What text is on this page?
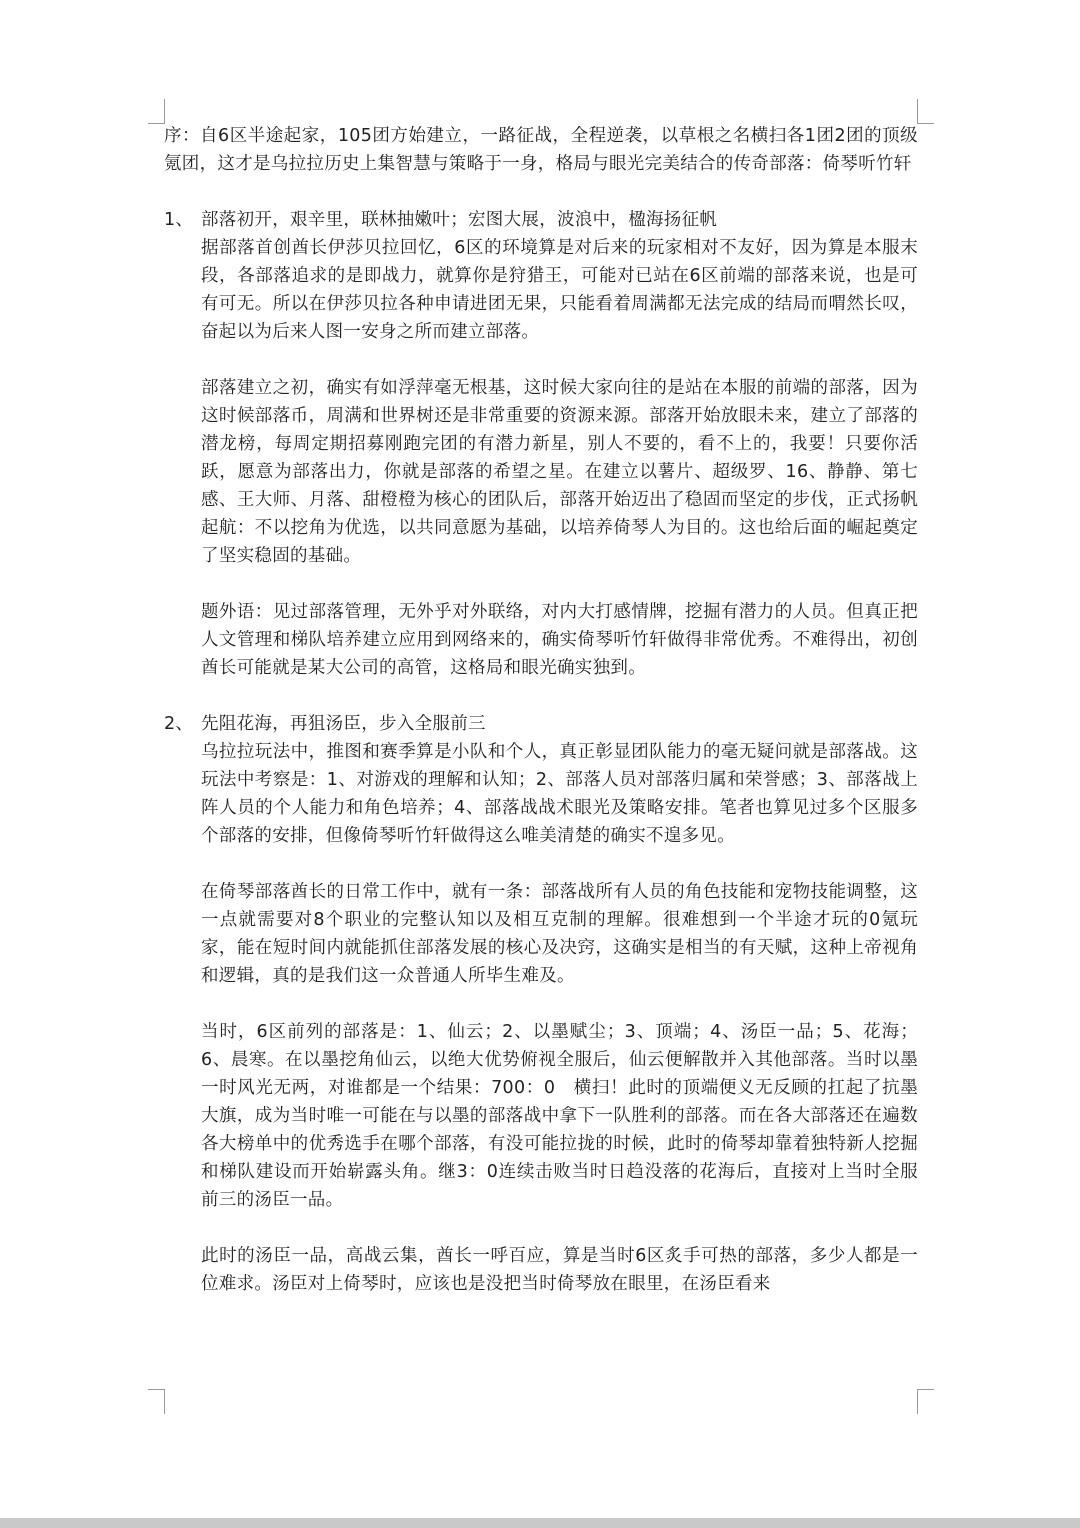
序：自6区半途起家，105团方始建立，一路征战，全程逆袭，以草根之名横扫各1团2团的顶级氪团，这才是乌拉拉历史上集智慧与策略于一身，格局与眼光完美结合的传奇部落：倚琴听竹轩

1、 部落初开，艰辛里，联林抽嫩叶；宏图大展，波浪中，楹海扬征帆

据部落首创酋长伊莎贝拉回忆，6区的环境算是对后来的玩家相对不友好，因为算是本服末段，各部落追求的是即战力，就算你是狩猎王，可能对已站在6区前端的部落来说，也是可有可无。所以在伊莎贝拉各种申请进团无果，只能看着周满都无法完成的结局而喟然长叹，奋起以为后来人图一安身之所而建立部落。

部落建立之初，确实有如浮萍毫无根基，这时候大家向往的是站在本服的前端的部落，因为这时候部落币，周满和世界树还是非常重要的资源来源。部落开始放眼未来，建立了部落的潜龙榜，每周定期招募刚跑完团的有潜力新星，别人不要的，看不上的，我要！只要你活跃，愿意为部落出力，你就是部落的希望之星。在建立以薯片、超级罗、16、静静、第七感、王大师、月落、甜橙橙为核心的团队后，部落开始迈出了稳固而坚定的步伐，正式扬帆起航：不以挖角为优选，以共同意愿为基础，以培养倚琴人为目的。这也给后面的崛起奠定了坚实稳固的基础。

题外语：见过部落管理，无外乎对外联络，对内大打感情牌，挖掘有潜力的人员。但真正把人文管理和梯队培养建立应用到网络来的，确实倚琴听竹轩做得非常优秀。不难得出，初创酋长可能就是某大公司的高管，这格局和眼光确实独到。

2、 先阻花海，再狙汤臣，步入全服前三

乌拉拉玩法中，推图和赛季算是小队和个人，真正彰显团队能力的毫无疑问就是部落战。这玩法中考察是：1、对游戏的理解和认知；2、部落人员对部落归属和荣誉感；3、部落战上阵人员的个人能力和角色培养；4、部落战战术眼光及策略安排。笔者也算见过多个区服多个部落的安排，但像倚琴听竹轩做得这么唯美清楚的确实不遑多见。

在倚琴部落酋长的日常工作中，就有一条：部落战所有人员的角色技能和宠物技能调整，这一点就需要对8个职业的完整认知以及相互克制的理解。很难想到一个半途才玩的0氪玩家，能在短时间内就能抓住部落发展的核心及决窍，这确实是相当的有天赋，这种上帝视角和逻辑，真的是我们这一众普通人所毕生难及。

当时，6区前列的部落是：1、仙云；2、以墨赋尘；3、顶端；4、汤臣一品；5、花海；6、晨寒。在以墨挖角仙云，以绝大优势俯视全服后，仙云便解散并入其他部落。当时以墨一时风光无两，对谁都是一个结果：700：0　横扫！此时的顶端便义无反顾的扛起了抗墨大旗，成为当时唯一可能在与以墨的部落战中拿下一队胜利的部落。而在各大部落还在遍数各大榜单中的优秀选手在哪个部落，有没可能拉拢的时候，此时的倚琴却靠着独特新人挖掘和梯队建设而开始崭露头角。继3：0连续击败当时日趋没落的花海后，直接对上当时全服前三的汤臣一品。

此时的汤臣一品，高战云集，酋长一呼百应，算是当时6区炙手可热的部落，多少人都是一位难求。汤臣对上倚琴时，应该也是没把当时倚琴放在眼里，在汤臣看来
